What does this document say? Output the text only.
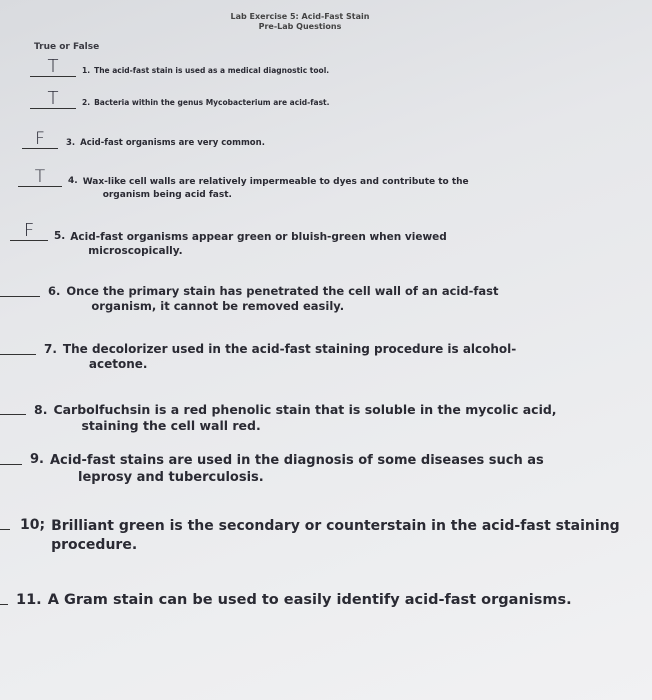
Lab Exercise 5: Acid-Fast Stain
Pre-Lab Questions
True or False
T	1. The acid-fast stain is used as a medical diagnostic tool.
T	2. Bacteria within the genus Mycobacterium are acid-fast.
F 3. Acid-fast organisms are very common.
T	4. Wax-like cell walls are relatively impermeable to dyes and contribute to the
organism being acid fast.
F 5. Acid-fast organisms appear green or bluish-green when viewed
microscopically.
6. Once the primary stain has penetrated the cell wall of an acid-fast
organism, it cannot be removed easily.
7. The decolorizer used in the acid-fast staining procedure is alcohol-
acetone.
8. Carbolfuchsin is a red phenolic stain that is soluble in the mycolic acid,
staining the cell wall red.
9. Acid-fast stains are used in the diagnosis of some diseases such as
leprosy and tuberculosis.
10; Brilliant green is the secondary or counterstain in the acid-fast staining
procedure.
11. A Gram stain can be used to easily identify acid-fast organisms.
